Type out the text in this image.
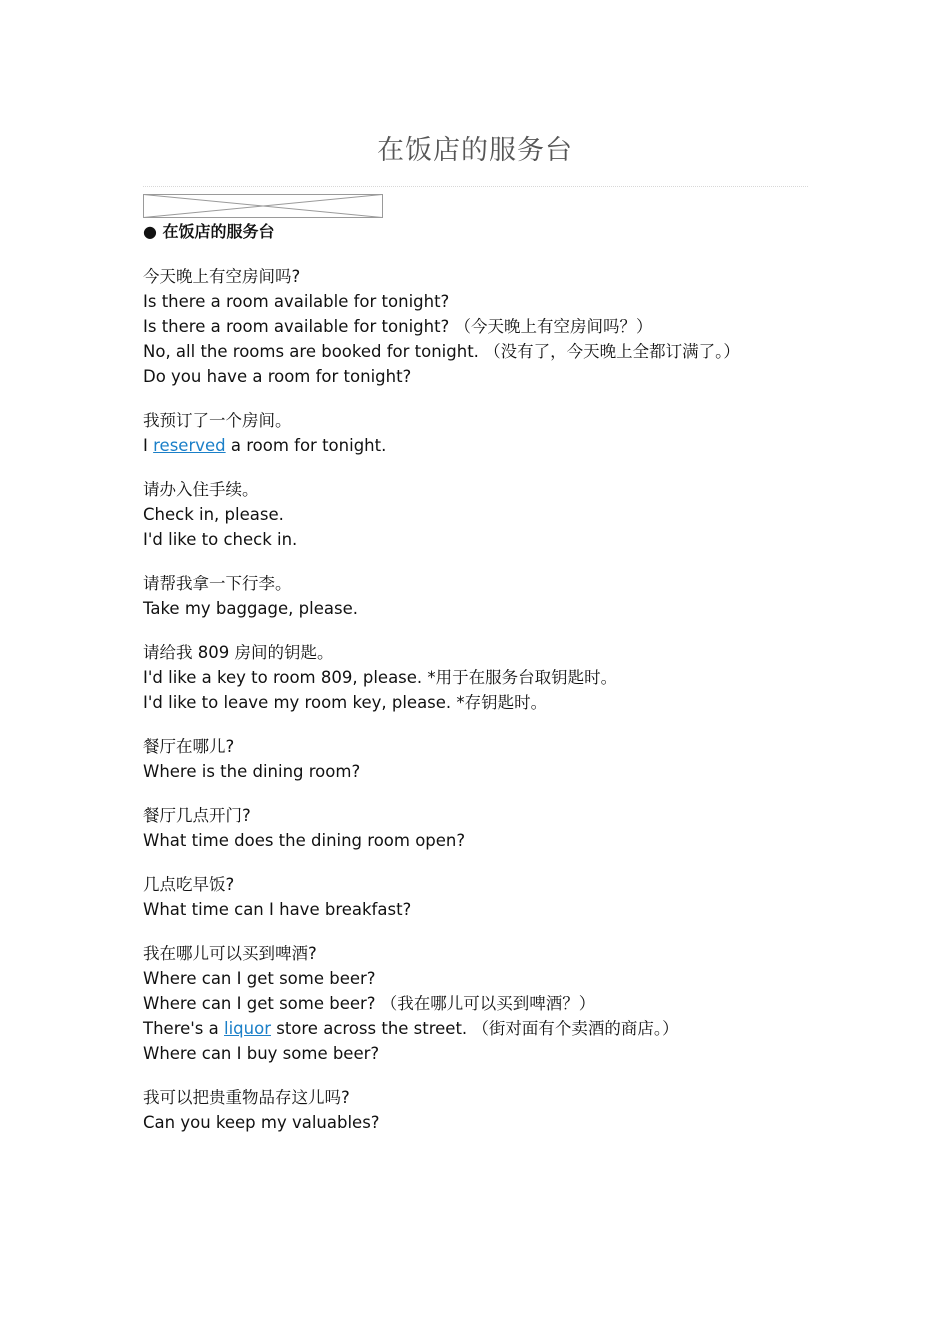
在饭店的服务台
● 在饭店的服务台
今天晚上有空房间吗?
Is there a room available for tonight?
Is there a room available for tonight? （今天晚上有空房间吗？）
No, all the rooms are booked for tonight. （没有了，今天晚上全都订满了。）
Do you have a room for tonight?
我预订了一个房间。
I reserved a room for tonight.
请办入住手续。
Check in, please.
I'd like to check in.
请帮我拿一下行李。
Take my baggage, please.
请给我 809 房间的钥匙。
I'd like a key to room 809, please. *用于在服务台取钥匙时。
I'd like to leave my room key, please. *存钥匙时。
餐厅在哪儿?
Where is the dining room?
餐厅几点开门?
What time does the dining room open?
几点吃早饭?
What time can I have breakfast?
我在哪儿可以买到啤酒?
Where can I get some beer?
Where can I get some beer? （我在哪儿可以买到啤酒？）
There's a liquor store across the street. （街对面有个卖酒的商店。）
Where can I buy some beer?
我可以把贵重物品存这儿吗?
Can you keep my valuables?
